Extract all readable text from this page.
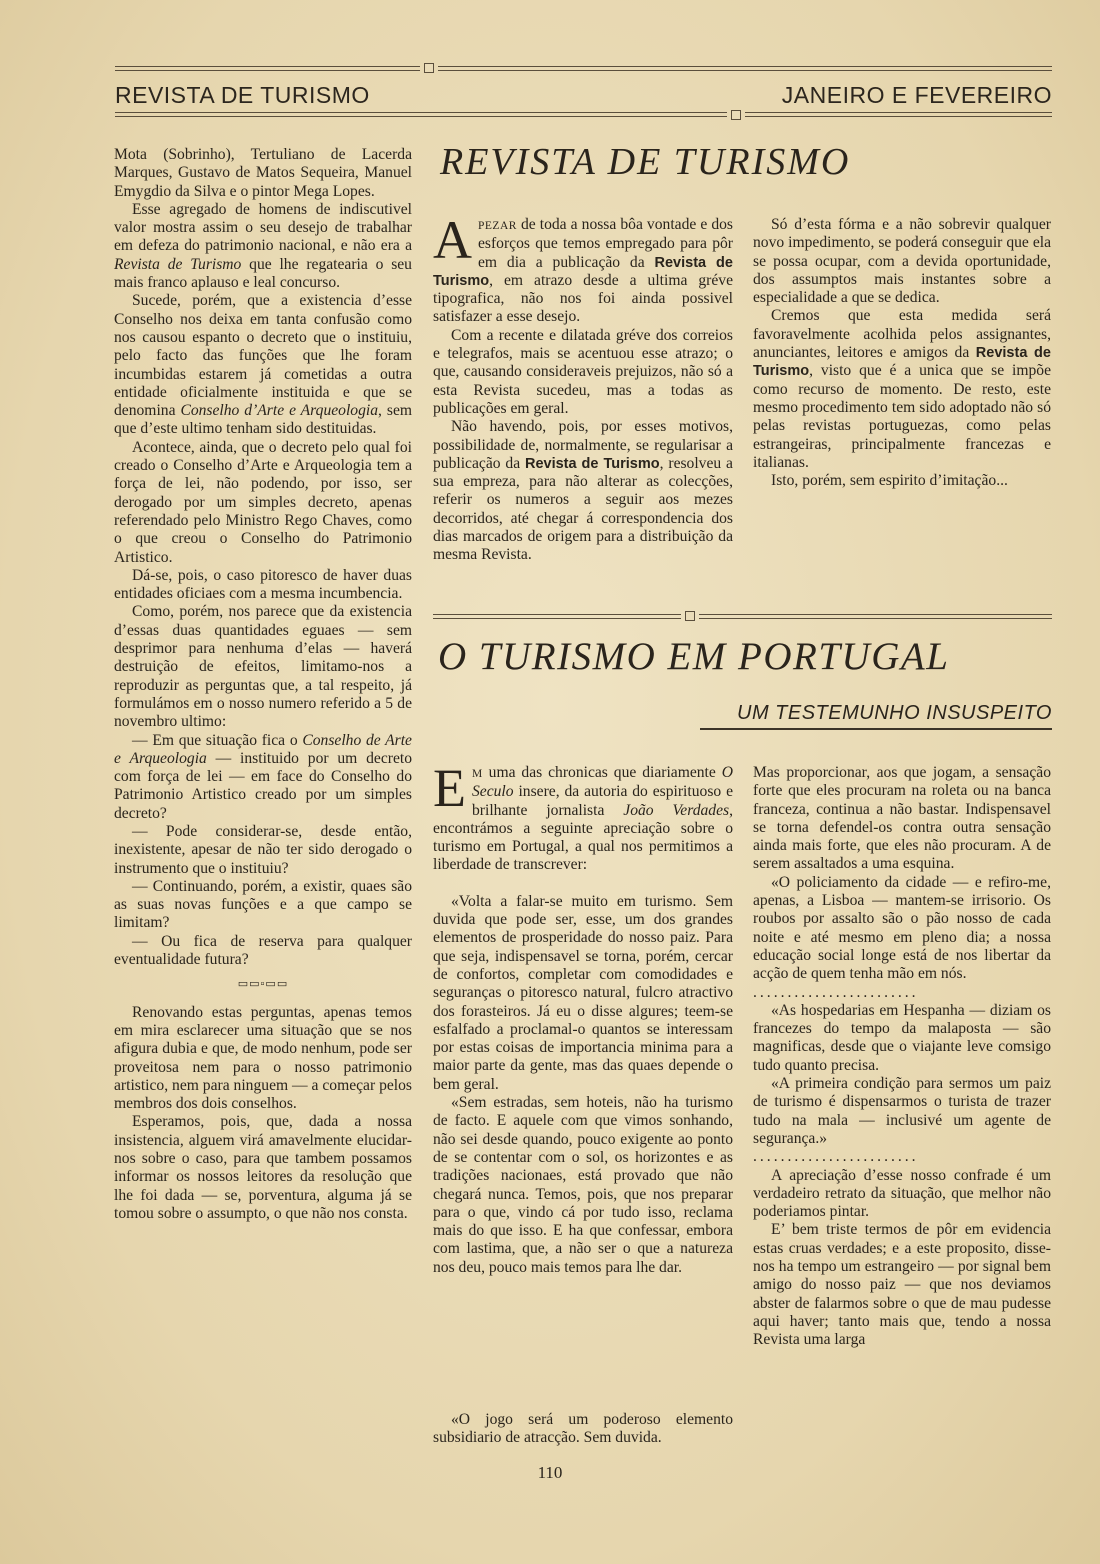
REVISTA DE TURISMO	JANEIRO E FEVEREIRO

Mota (Sobrinho), Tertuliano de Lacerda Marques, Gustavo de Matos Sequeira, Manuel Emygdio da Silva e o pintor Mega Lopes.

Esse agregado de homens de indiscutivel valor mostra assim o seu desejo de trabalhar em defeza do patrimonio nacional, e não era a Revista de Turismo que lhe regatearia o seu mais franco aplauso e leal concurso.

Sucede, porém, que a existencia d’esse Conselho nos deixa em tanta confusão como nos causou espanto o decreto que o instituiu, pelo facto das funções que lhe foram incumbidas estarem já cometidas a outra entidade oficialmente instituida e que se denomina Conselho d’Arte e Arqueologia, sem que d’este ultimo tenham sido destituidas.

Acontece, ainda, que o decreto pelo qual foi creado o Conselho d’Arte e Arqueologia tem a força de lei, não podendo, por isso, ser derogado por um simples decreto, apenas referendado pelo Ministro Rego Chaves, como o que creou o Conselho do Patrimonio Artistico.

Dá-se, pois, o caso pitoresco de haver duas entidades oficiaes com a mesma incumbencia.

Como, porém, nos parece que da existencia d’essas duas quantidades eguaes — sem desprimor para nenhuma d’elas — haverá destruição de efeitos, limitamo-nos a reproduzir as perguntas que, a tal respeito, já formulámos em o nosso numero referido a 5 de novembro ultimo:

— Em que situação fica o Conselho de Arte e Arqueologia — instituido por um decreto com força de lei — em face do Conselho do Patrimonio Artistico creado por um simples decreto?

— Pode considerar-se, desde então, inexistente, apesar de não ter sido derogado o instrumento que o instituiu?

— Continuando, porém, a existir, quaes são as suas novas funções e a que campo se limitam?

— Ou fica de reserva para qualquer eventualidade futura?

▭▭▫▭▭

Renovando estas perguntas, apenas temos em mira esclarecer uma situação que se nos afigura dubia e que, de modo nenhum, pode ser proveitosa nem para o nosso patrimonio artistico, nem para ninguem — a começar pelos membros dos dois conselhos.

Esperamos, pois, que, dada a nossa insistencia, alguem virá amavelmente elucidar-nos sobre o caso, para que tambem possamos informar os nossos leitores da resolução que lhe foi dada — se, porventura, alguma já se tomou sobre o assumpto, o que não nos consta.

REVISTA DE TURISMO

APEZAR de toda a nossa bôa vontade e dos esforços que temos empregado para pôr em dia a publicação da Revista de Turismo, em atrazo desde a ultima gréve tipografica, não nos foi ainda possivel satisfazer a esse desejo.

Com a recente e dilatada gréve dos correios e telegrafos, mais se acentuou esse atrazo; o que, causando consideraveis prejuizos, não só a esta Revista sucedeu, mas a todas as publicações em geral.

Não havendo, pois, por esses motivos, possibilidade de, normalmente, se regularisar a publicação da Revista de Turismo, resolveu a sua empreza, para não alterar as colecções, referir os numeros a seguir aos mezes decorridos, até chegar á correspondencia dos dias marcados de origem para a distribuição da mesma Revista.

Só d’esta fórma e a não sobrevir qualquer novo impedimento, se poderá conseguir que ela se possa ocupar, com a devida oportunidade, dos assumptos mais instantes sobre a especialidade a que se dedica.

Cremos que esta medida será favoravelmente acolhida pelos assignantes, anunciantes, leitores e amigos da Revista de Turismo, visto que é a unica que se impõe como recurso de momento. De resto, este mesmo procedimento tem sido adoptado não só pelas revistas portuguezas, como pelas estrangeiras, principalmente francezas e italianas.

Isto, porém, sem espirito d’imitação...

O TURISMO EM PORTUGAL
UM TESTEMUNHO INSUSPEITO

E M uma das chronicas que diariamente O Seculo insere, da autoria do espirituoso e brilhante jornalista João Verdades, encontrámos a seguinte apreciação sobre o turismo em Portugal, a qual nos permitimos a liberdade de transcrever:

«Volta a falar-se muito em turismo. Sem duvida que pode ser, esse, um dos grandes elementos de prosperidade do nosso paiz. Para que seja, indispensavel se torna, porém, cercar de confortos, completar com comodidades e seguranças o pitoresco natural, fulcro atractivo dos forasteiros. Já eu o disse algures; teem-se esfalfado a proclamal-o quantos se interessam por estas coisas de importancia minima para a maior parte da gente, mas das quaes depende o bem geral.

«Sem estradas, sem hoteis, não ha turismo de facto. E aquele com que vimos sonhando, não sei desde quando, pouco exigente ao ponto de se contentar com o sol, os horizontes e as tradições nacionaes, está provado que não chegará nunca. Temos, pois, que nos preparar para o que, vindo cá por tudo isso, reclama mais do que isso. E ha que confessar, embora com lastima, que, a não ser o que a natureza nos deu, pouco mais temos para lhe dar.

«O jogo será um poderoso elemento subsidiario de atracção. Sem duvida.

Mas proporcionar, aos que jogam, a sensação forte que eles procuram na roleta ou na banca franceza, continua a não bastar. Indispensavel se torna defendel-os contra outra sensação ainda mais forte, que eles não procuram. A de serem assaltados a uma esquina.

«O policiamento da cidade — e refiro-me, apenas, a Lisboa — mantem-se irrisorio. Os roubos por assalto são o pão nosso de cada noite e até mesmo em pleno dia; a nossa educação social longe está de nos libertar da acção de quem tenha mão em nós.

........................

«As hospedarias em Hespanha — diziam os francezes do tempo da malaposta — são magnificas, desde que o viajante leve comsigo tudo quanto precisa.

«A primeira condição para sermos um paiz de turismo é dispensarmos o turista de trazer tudo na mala — inclusivé um agente de segurança.»

........................

A apreciação d’esse nosso confrade é um verdadeiro retrato da situação, que melhor não poderiamos pintar.

E’ bem triste termos de pôr em evidencia estas cruas verdades; e a este proposito, disse-nos ha tempo um estrangeiro — por signal bem amigo do nosso paiz — que nos deviamos abster de falarmos sobre o que de mau pudesse aqui haver; tanto mais que, tendo a nossa Revista uma larga

110
